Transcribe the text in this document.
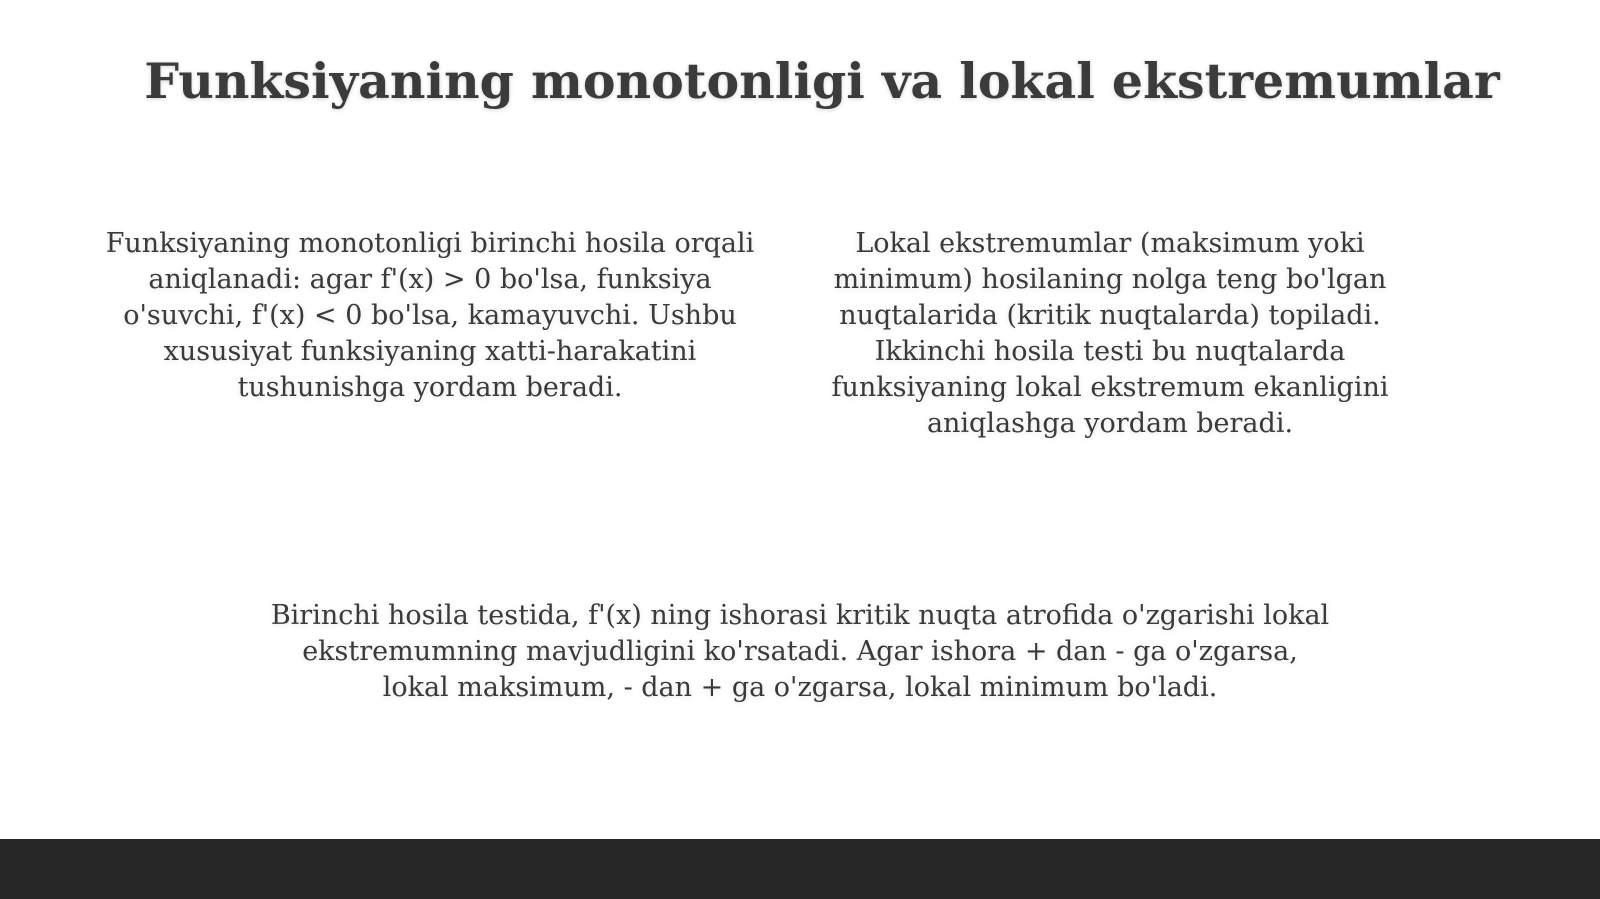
Funksiyaning monotonligi va lokal ekstremumlar
Funksiyaning monotonligi birinchi hosila orqali aniqlanadi: agar f'(x) > 0 bo'lsa, funksiya o'suvchi, f'(x) < 0 bo'lsa, kamayuvchi. Ushbu xususiyat funksiyaning xatti-harakatini tushunishga yordam beradi.
Lokal ekstremumlar (maksimum yoki minimum) hosilaning nolga teng bo'lgan nuqtalarida (kritik nuqtalarda) topiladi. Ikkinchi hosila testi bu nuqtalarda funksiyaning lokal ekstremum ekanligini aniqlashga yordam beradi.
Birinchi hosila testida, f'(x) ning ishorasi kritik nuqta atrofida o'zgarishi lokal ekstremumning mavjudligini ko'rsatadi. Agar ishora + dan - ga o'zgarsa, lokal maksimum, - dan + ga o'zgarsa, lokal minimum bo'ladi.
